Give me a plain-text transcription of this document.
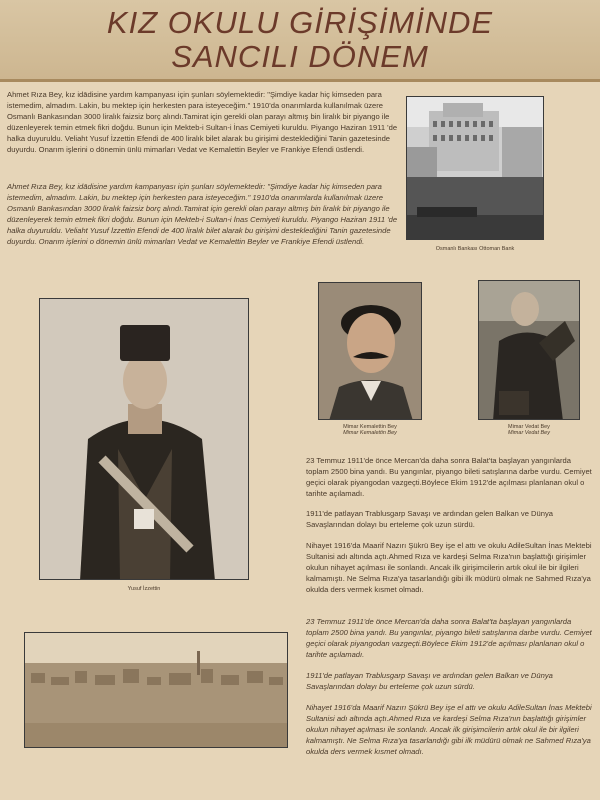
KIZ OKULU GİRİŞİMİNDE
SANCILI DÖNEM

Ahmet Rıza Bey, kız idādisine yardım kampanyası için şunları söylemektedir: "Şimdiye kadar hiç kimseden para istemedim, almadım. Lakin, bu mektep için herkesten para isteyeceğim." 1910'da onarımlarda kullanılmak üzere Osmanlı Bankasından 3000 liralık faizsiz borç alındı.Tamirat için gerekli olan parayı altmış bin liralık bir piyango ile düzenleyerek temin etmek fikri doğdu. Bunun için Mekteb-i Sultan-i İnas Cemiyeti kuruldu. Piyango Haziran 1911 'de halka duyuruldu. Veliaht Yusuf İzzettin Efendi de 400 liralık bilet alarak bu girişimi desteklediğini Tanin gazetesinde duyurdu. Onarım işlerini o dönemin ünlü mimarları Vedat ve Kemalettin Beyler ve Frankiye Efendi üstlendi.

Ahmet Rıza Bey, kız idādisine yardım kampanyası için şunları söylemektedir: "Şimdiye kadar hiç kimseden para istemedim, almadım. Lakin, bu mektep için herkesten para isteyeceğim." 1910'da onarımlarda kullanılmak üzere Osmanlı Bankasından 3000 liralık faizsiz borç alındı.Tamirat için gerekli olan parayı altmış bin liralık bir piyango ile düzenleyerek temin etmek fikri doğdu. Bunun için Mekteb-i Sultan-i İnas Cemiyeti kuruldu. Piyango Haziran 1911 'de halka duyuruldu. Veliaht Yusuf İzzettin Efendi de 400 liralık bilet alarak bu girişimi desteklediğini Tanin gazetesinde duyurdu. Onarım işlerini o dönemin ünlü mimarları Vedat ve Kemalettin Beyler ve Frankiye Efendi üstlendi.

Osmanlı Bankası Ottoman Bank
Yusuf İzzettin
Mimar Kemalettin Bey
Mimar Kemalettin Bey
Mimar Vedat Bey
Mimar Vedat Bey

23 Temmuz 1911'de önce Mercan'da daha sonra Balat'ta başlayan yangınlarda toplam 2500 bina yandı. Bu yangınlar, piyango bileti satışlarına darbe vurdu. Cemiyet geçici olarak piyangodan vazgeçti.Böylece Ekim 1912'de açılması planlanan okul o tarihte açılamadı.

1911'de patlayan Trablusgarp Savaşı ve ardından gelen Balkan ve Dünya Savaşlarından dolayı bu erteleme çok uzun sürdü.

Nihayet 1916'da Maarif Nazırı Şükrü Bey işe el attı ve okulu AdileSultan İnas Mektebi Sultanisi adı altında açtı.Ahmed Rıza ve kardeşi Selma Rıza'nın başlattığı girişimler okulun nihayet açılması ile sonlandı. Ancak ilk girişimcilerin artık okul ile bir ilgileri kalmamıştı. Ne Selma Rıza'ya tasarlandığı gibi ilk müdürü olmak ne Sahmed Rıza'ya okulda ders vermek kısmet olmadı.

23 Temmuz 1911'de önce Mercan'da daha sonra Balat'ta başlayan yangınlarda toplam 2500 bina yandı. Bu yangınlar, piyango bileti satışlarına darbe vurdu. Cemiyet geçici olarak piyangodan vazgeçti.Böylece Ekim 1912'de açılması planlanan okul o tarihte açılamadı.

1911'de patlayan Trablusgarp Savaşı ve ardından gelen Balkan ve Dünya Savaşlarından dolayı bu erteleme çok uzun sürdü.

Nihayet 1916'da Maarif Nazırı Şükrü Bey işe el attı ve okulu AdileSultan İnas Mektebi Sultanisi adı altında açtı.Ahmed Rıza ve kardeşi Selma Rıza'nın başlattığı girişimler okulun nihayet açılması ile sonlandı. Ancak ilk girişimcilerin artık okul ile bir ilgileri kalmamıştı. Ne Selma Rıza'ya tasarlandığı gibi ilk müdürü olmak ne Sahmed Rıza'ya okulda ders vermek kısmet olmadı.
